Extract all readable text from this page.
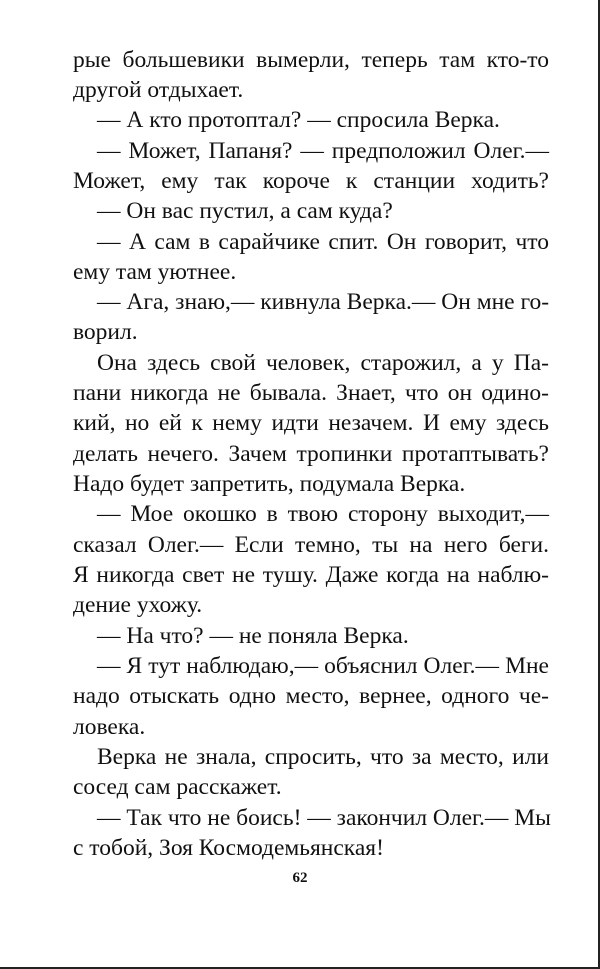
рые большевики вымерли, теперь там кто-то
другой отдыхает.
— А кто протоптал? — спросила Верка.
— Может, Папаня? — предположил Олег.—
Может, ему так короче к станции ходить?
— Он вас пустил, а сам куда?
— А сам в сарайчике спит. Он говорит, что
ему там уютнее.
— Ага, знаю,— кивнула Верка.— Он мне го-
ворил.
Она здесь свой человек, старожил, а у Па-
пани никогда не бывала. Знает, что он одино-
кий, но ей к нему идти незачем. И ему здесь
делать нечего. Зачем тропинки протаптывать?
Надо будет запретить, подумала Верка.
— Мое окошко в твою сторону выходит,—
сказал Олег.— Если темно, ты на него беги.
Я никогда свет не тушу. Даже когда на наблю-
дение ухожу.
— На что? — не поняла Верка.
— Я тут наблюдаю,— объяснил Олег.— Мне
надо отыскать одно место, вернее, одного че-
ловека.
Верка не знала, спросить, что за место, или
сосед сам расскажет.
— Так что не боись! — закончил Олег.— Мы
с тобой, Зоя Космодемьянская!
62
